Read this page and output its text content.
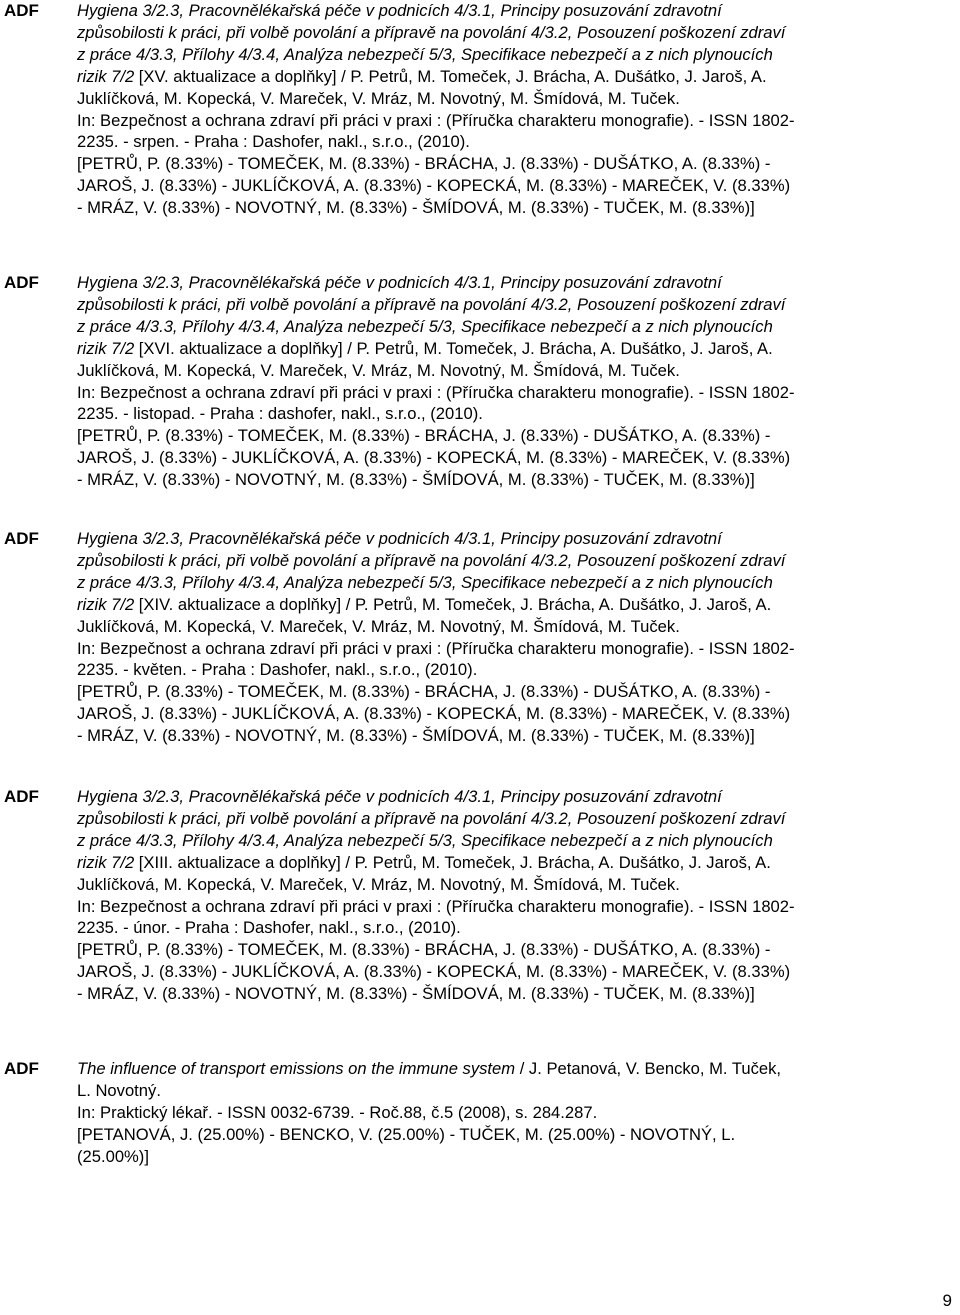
ADF Hygiena 3/2.3, Pracovnělékařská péče v podnicích 4/3.1, Principy posuzování zdravotní
způsobilosti k práci, při volbě povolání a přípravě na povolání 4/3.2, Posouzení poškození zdraví
z práce 4/3.3, Přílohy 4/3.4, Analýza nebezpečí 5/3, Specifikace nebezpečí a z nich plynoucích
rizik 7/2 [XV. aktualizace a doplňky] / P. Petrů, M. Tomeček, J. Brácha, A. Dušátko, J. Jaroš, A.
Juklíčková, M. Kopecká, V. Mareček, V. Mráz, M. Novotný, M. Šmídová, M. Tuček.
In: Bezpečnost a ochrana zdraví při práci v praxi : (Příručka charakteru monografie). - ISSN 1802-
2235. - srpen. - Praha : Dashofer, nakl., s.r.o., (2010).
[PETRŮ, P. (8.33%) - TOMEČEK, M. (8.33%) - BRÁCHA, J. (8.33%) - DUŠÁTKO, A. (8.33%) -
JAROŠ, J. (8.33%) - JUKLÍČKOVÁ, A. (8.33%) - KOPECKÁ, M. (8.33%) - MAREČEK, V. (8.33%)
- MRÁZ, V. (8.33%) - NOVOTNÝ, M. (8.33%) - ŠMÍDOVÁ, M. (8.33%) - TUČEK, M. (8.33%)]
ADF Hygiena 3/2.3, Pracovnělékařská péče v podnicích 4/3.1, Principy posuzování zdravotní
způsobilosti k práci, při volbě povolání a přípravě na povolání 4/3.2, Posouzení poškození zdraví
z práce 4/3.3, Přílohy 4/3.4, Analýza nebezpečí 5/3, Specifikace nebezpečí a z nich plynoucích
rizik 7/2 [XVI. aktualizace a doplňky] / P. Petrů, M. Tomeček, J. Brácha, A. Dušátko, J. Jaroš, A.
Juklíčková, M. Kopecká, V. Mareček, V. Mráz, M. Novotný, M. Šmídová, M. Tuček.
In: Bezpečnost a ochrana zdraví při práci v praxi : (Příručka charakteru monografie). - ISSN 1802-
2235. - listopad. - Praha : dashofer, nakl., s.r.o., (2010).
[PETRŮ, P. (8.33%) - TOMEČEK, M. (8.33%) - BRÁCHA, J. (8.33%) - DUŠÁTKO, A. (8.33%) -
JAROŠ, J. (8.33%) - JUKLÍČKOVÁ, A. (8.33%) - KOPECKÁ, M. (8.33%) - MAREČEK, V. (8.33%)
- MRÁZ, V. (8.33%) - NOVOTNÝ, M. (8.33%) - ŠMÍDOVÁ, M. (8.33%) - TUČEK, M. (8.33%)]
ADF Hygiena 3/2.3, Pracovnělékařská péče v podnicích 4/3.1, Principy posuzování zdravotní
způsobilosti k práci, při volbě povolání a přípravě na povolání 4/3.2, Posouzení poškození zdraví
z práce 4/3.3, Přílohy 4/3.4, Analýza nebezpečí 5/3, Specifikace nebezpečí a z nich plynoucích
rizik 7/2 [XIV. aktualizace a doplňky] / P. Petrů, M. Tomeček, J. Brácha, A. Dušátko, J. Jaroš, A.
Juklíčková, M. Kopecká, V. Mareček, V. Mráz, M. Novotný, M. Šmídová, M. Tuček.
In: Bezpečnost a ochrana zdraví při práci v praxi : (Příručka charakteru monografie). - ISSN 1802-
2235. - květen. - Praha : Dashofer, nakl., s.r.o., (2010).
[PETRŮ, P. (8.33%) - TOMEČEK, M. (8.33%) - BRÁCHA, J. (8.33%) - DUŠÁTKO, A. (8.33%) -
JAROŠ, J. (8.33%) - JUKLÍČKOVÁ, A. (8.33%) - KOPECKÁ, M. (8.33%) - MAREČEK, V. (8.33%)
- MRÁZ, V. (8.33%) - NOVOTNÝ, M. (8.33%) - ŠMÍDOVÁ, M. (8.33%) - TUČEK, M. (8.33%)]
ADF Hygiena 3/2.3, Pracovnělékařská péče v podnicích 4/3.1, Principy posuzování zdravotní
způsobilosti k práci, při volbě povolání a přípravě na povolání 4/3.2, Posouzení poškození zdraví
z práce 4/3.3, Přílohy 4/3.4, Analýza nebezpečí 5/3, Specifikace nebezpečí a z nich plynoucích
rizik 7/2 [XIII. aktualizace a doplňky] / P. Petrů, M. Tomeček, J. Brácha, A. Dušátko, J. Jaroš, A.
Juklíčková, M. Kopecká, V. Mareček, V. Mráz, M. Novotný, M. Šmídová, M. Tuček.
In: Bezpečnost a ochrana zdraví při práci v praxi : (Příručka charakteru monografie). - ISSN 1802-
2235. - únor. - Praha : Dashofer, nakl., s.r.o., (2010).
[PETRŮ, P. (8.33%) - TOMEČEK, M. (8.33%) - BRÁCHA, J. (8.33%) - DUŠÁTKO, A. (8.33%) -
JAROŠ, J. (8.33%) - JUKLÍČKOVÁ, A. (8.33%) - KOPECKÁ, M. (8.33%) - MAREČEK, V. (8.33%)
- MRÁZ, V. (8.33%) - NOVOTNÝ, M. (8.33%) - ŠMÍDOVÁ, M. (8.33%) - TUČEK, M. (8.33%)]
ADF The influence of transport emissions on the immune system / J. Petanová, V. Bencko, M. Tuček,
L. Novotný.
In: Praktický lékař. - ISSN 0032-6739. - Roč.88, č.5 (2008), s. 284.287.
[PETANOVÁ, J. (25.00%) - BENCKO, V. (25.00%) - TUČEK, M. (25.00%) - NOVOTNÝ, L.
(25.00%)]
9
